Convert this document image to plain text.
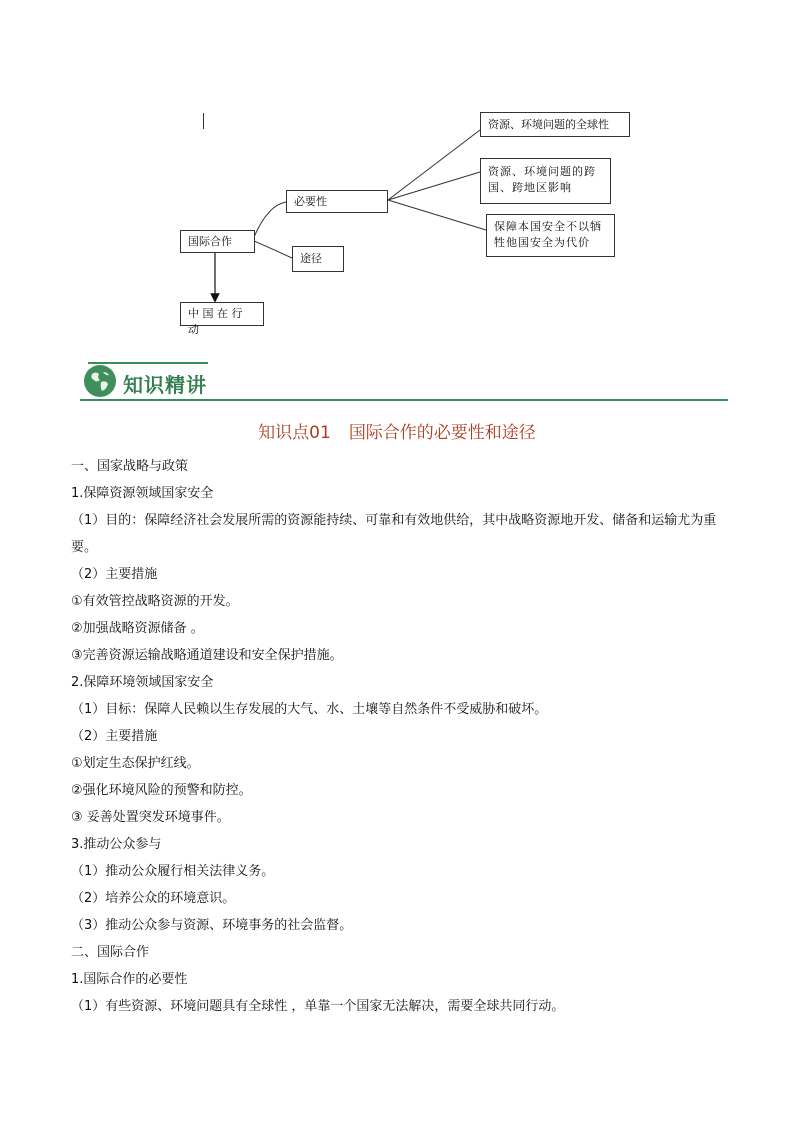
国际合作
必要性
途径
中 国 在 行 动
资源、环境问题的全球性
资源、环境问题的跨国、跨地区影响
保障本国安全不以牺牲他国安全为代价
知识精讲
知识点01 国际合作的必要性和途径

一、国家战略与政策

1.保障资源领域国家安全

（1）目的：保障经济社会发展所需的资源能持续、可靠和有效地供给，其中战略资源地开发、储备和运输尤为重要。

（2）主要措施

①有效管控战略资源的开发。

②加强战略资源储备 。

③完善资源运输战略通道建设和安全保护措施。

2.保障环境领域国家安全

（1）目标：保障人民赖以生存发展的大气、水、土壤等自然条件不受威胁和破坏。

（2）主要措施

①划定生态保护红线。

②强化环境风险的预警和防控。

③ 妥善处置突发环境事件。

3.推动公众参与

（1）推动公众履行相关法律义务。

（2）培养公众的环境意识。

（3）推动公众参与资源、环境事务的社会监督。

二、国际合作

1.国际合作的必要性

（1）有些资源、环境问题具有全球性 ，单靠一个国家无法解决，需要全球共同行动。
